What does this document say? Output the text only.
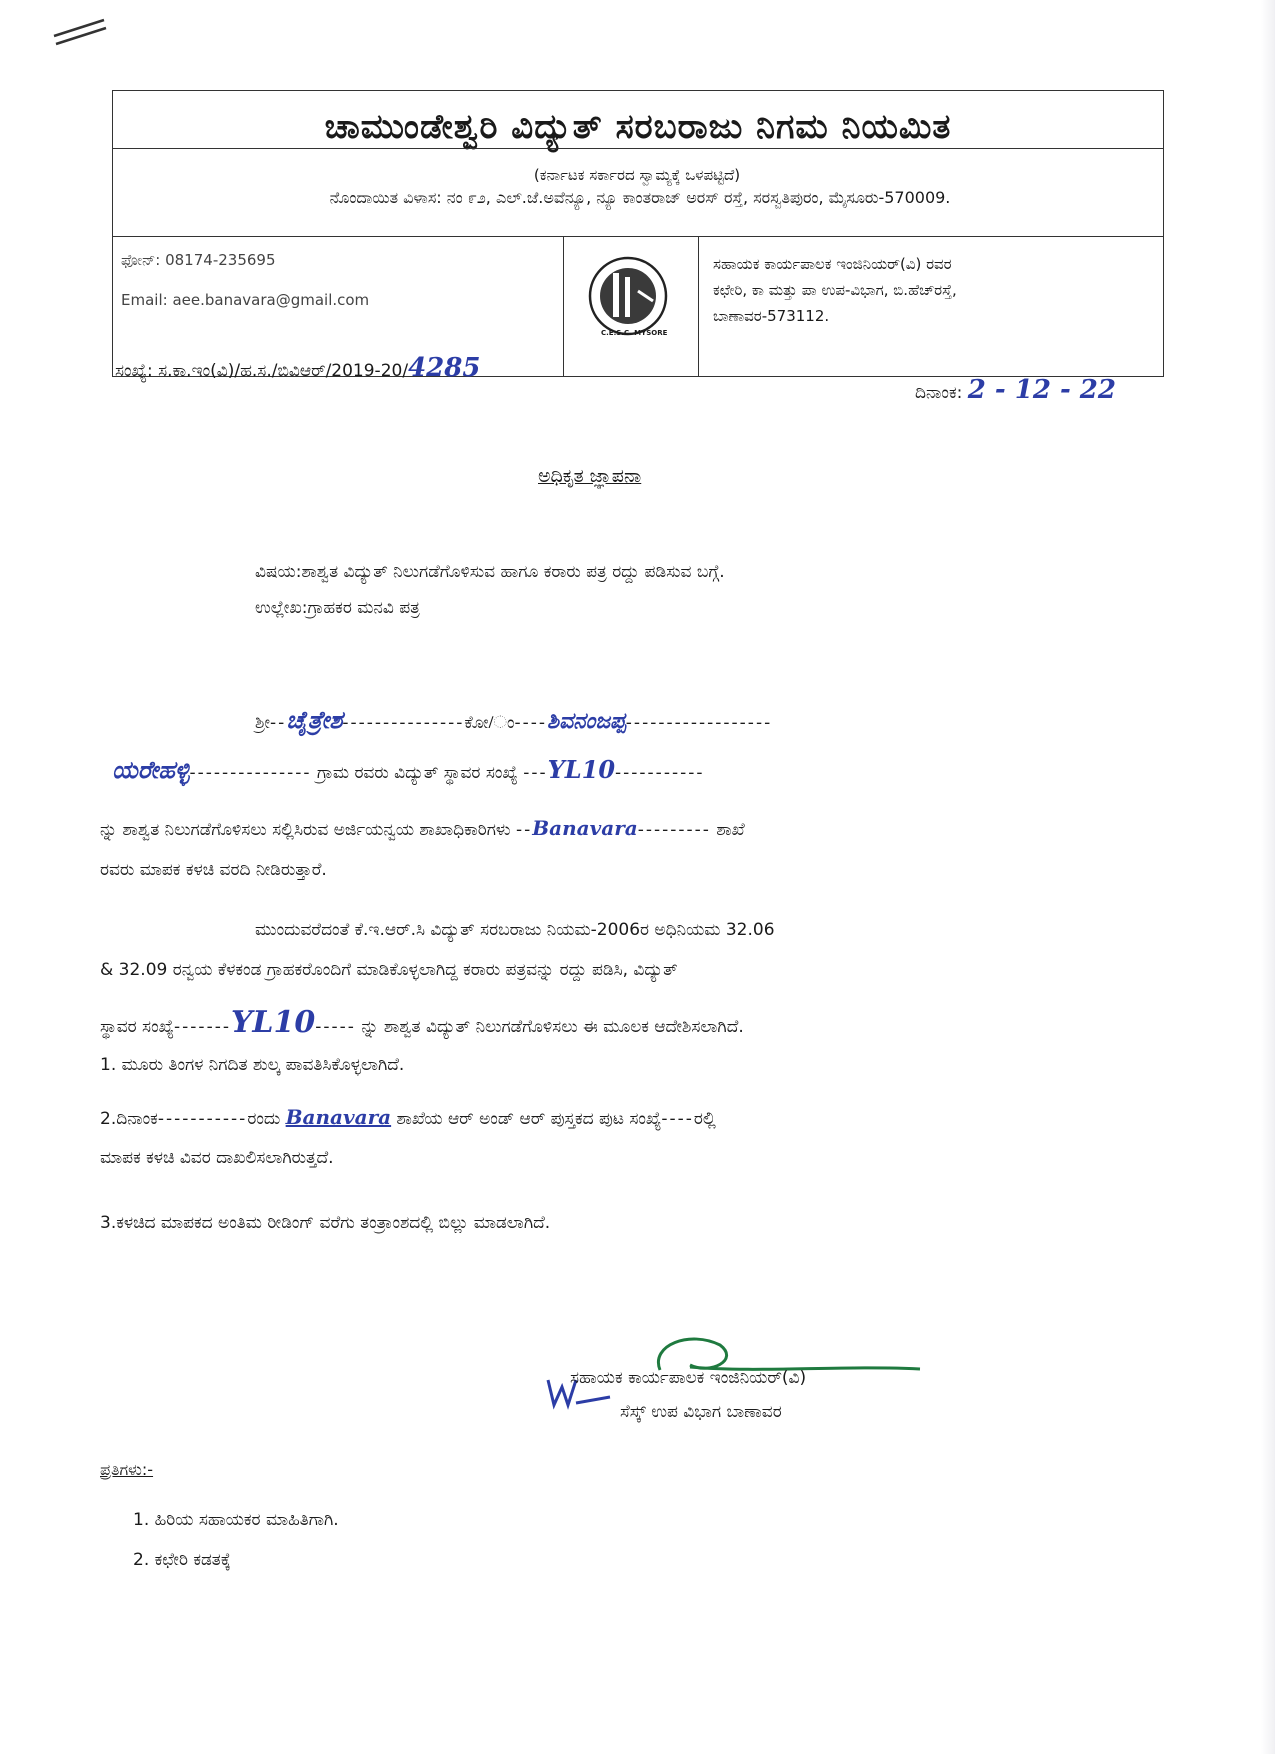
ಚಾಮುಂಡೇಶ್ವರಿ ವಿದ್ಯುತ್ ಸರಬರಾಜು ನಿಗಮ ನಿಯಮಿತ
ಫೋನ್: 08174-235695
Email: aee.banavara@gmail.com
C.E.S.C. MYSORE
ಸಹಾಯಕ ಕಾರ್ಯಪಾಲಕ ಇಂಜಿನಿಯರ್(ವಿ) ರವರ
ಕಛೇರಿ, ಕಾ ಮತ್ತು ಪಾ ಉಪ-ವಿಭಾಗ, ಬಿ.ಹೆಚ್‌ರಸ್ತೆ,
ಬಾಣಾವರ-573112.
(ಕರ್ನಾಟಕ ಸರ್ಕಾರದ ಸ್ವಾಮ್ಯಕ್ಕೆ ಒಳಪಟ್ಟಿದೆ)
ನೊಂದಾಯಿತ ವಿಳಾಸ: ನಂ ೯೨, ಎಲ್.ಜೆ.ಅವೆನ್ಯೂ, ನ್ಯೂ ಕಾಂತರಾಜ್ ಅರಸ್ ರಸ್ತೆ, ಸರಸ್ವತಿಪುರಂ, ಮೈಸೂರು-570009.
ಸಂಖ್ಯೆ: ಸ.ಕಾ.ಇಂ(ವಿ)/ಹ.ಸ./ಬಿವಿಆರ್/2019-20/4285
ದಿನಾಂಕ: 2 - 12 - 22
ಅಧಿಕೃತ ಜ್ಞಾಪನಾ
ವಿಷಯ:ಶಾಶ್ವತ ವಿದ್ಯುತ್ ನಿಲುಗಡೆಗೊಳಿಸುವ ಹಾಗೂ ಕರಾರು ಪತ್ರ ರದ್ದು ಪಡಿಸುವ ಬಗ್ಗೆ.
ಉಲ್ಲೇಖ:ಗ್ರಾಹಕರ ಮನವಿ ಪತ್ರ
ಶ್ರೀ--ಚೈತ್ರೇಶ---------------ಕೋ/ಂ----ಶಿವನಂಜಪ್ಪ------------------
ಯರೇಹಳ್ಳಿ--------------- ಗ್ರಾಮ ರವರು ವಿದ್ಯುತ್ ಸ್ಥಾವರ ಸಂಖ್ಯೆ ---YL10-----------
ನ್ನು ಶಾಶ್ವತ ನಿಲುಗಡೆಗೊಳಿಸಲು ಸಲ್ಲಿಸಿರುವ ಅರ್ಜಿಯನ್ವಯ ಶಾಖಾಧಿಕಾರಿಗಳು --Banavara--------- ಶಾಖೆ
ರವರು ಮಾಪಕ ಕಳಚಿ ವರದಿ ನೀಡಿರುತ್ತಾರೆ.
ಮುಂದುವರೆದಂತೆ ಕೆ.ಇ.ಆರ್.ಸಿ ವಿದ್ಯುತ್ ಸರಬರಾಜು ನಿಯಮ-2006ರ ಅಧಿನಿಯಮ 32.06
& 32.09 ರನ್ವಯ ಕೆಳಕಂಡ ಗ್ರಾಹಕರೊಂದಿಗೆ ಮಾಡಿಕೊಳ್ಳಲಾಗಿದ್ದ ಕರಾರು ಪತ್ರವನ್ನು ರದ್ದು ಪಡಿಸಿ, ವಿದ್ಯುತ್
ಸ್ಥಾವರ ಸಂಖ್ಯೆ-------YL10----- ನ್ನು ಶಾಶ್ವತ ವಿದ್ಯುತ್ ನಿಲುಗಡೆಗೊಳಿಸಲು ಈ ಮೂಲಕ ಆದೇಶಿಸಲಾಗಿದೆ.
1. ಮೂರು ತಿಂಗಳ ನಿಗದಿತ ಶುಲ್ಕ ಪಾವತಿಸಿಕೊಳ್ಳಲಾಗಿದೆ.
2.ದಿನಾಂಕ-----------ರಂದು Banavara ಶಾಖೆಯ ಆರ್ ಅಂಡ್ ಆರ್ ಪುಸ್ತಕದ ಪುಟ ಸಂಖ್ಯೆ----ರಲ್ಲಿ
ಮಾಪಕ ಕಳಚಿ ವಿವರ ದಾಖಲಿಸಲಾಗಿರುತ್ತದೆ.
3.ಕಳಚಿದ ಮಾಪಕದ ಅಂತಿಮ ರೀಡಿಂಗ್ ವರೆಗು ತಂತ್ರಾಂಶದಲ್ಲಿ ಬಿಲ್ಲು ಮಾಡಲಾಗಿದೆ.
ಸಹಾಯಕ ಕಾರ್ಯಪಾಲಕ ಇಂಜಿನಿಯರ್(ವಿ)
ಸೆಸ್ಕ್ ಉಪ ವಿಭಾಗ ಬಾಣಾವರ
ಪ್ರತಿಗಳು:-
1. ಹಿರಿಯ ಸಹಾಯಕರ ಮಾಹಿತಿಗಾಗಿ.
2. ಕಛೇರಿ ಕಡತಕ್ಕೆ
